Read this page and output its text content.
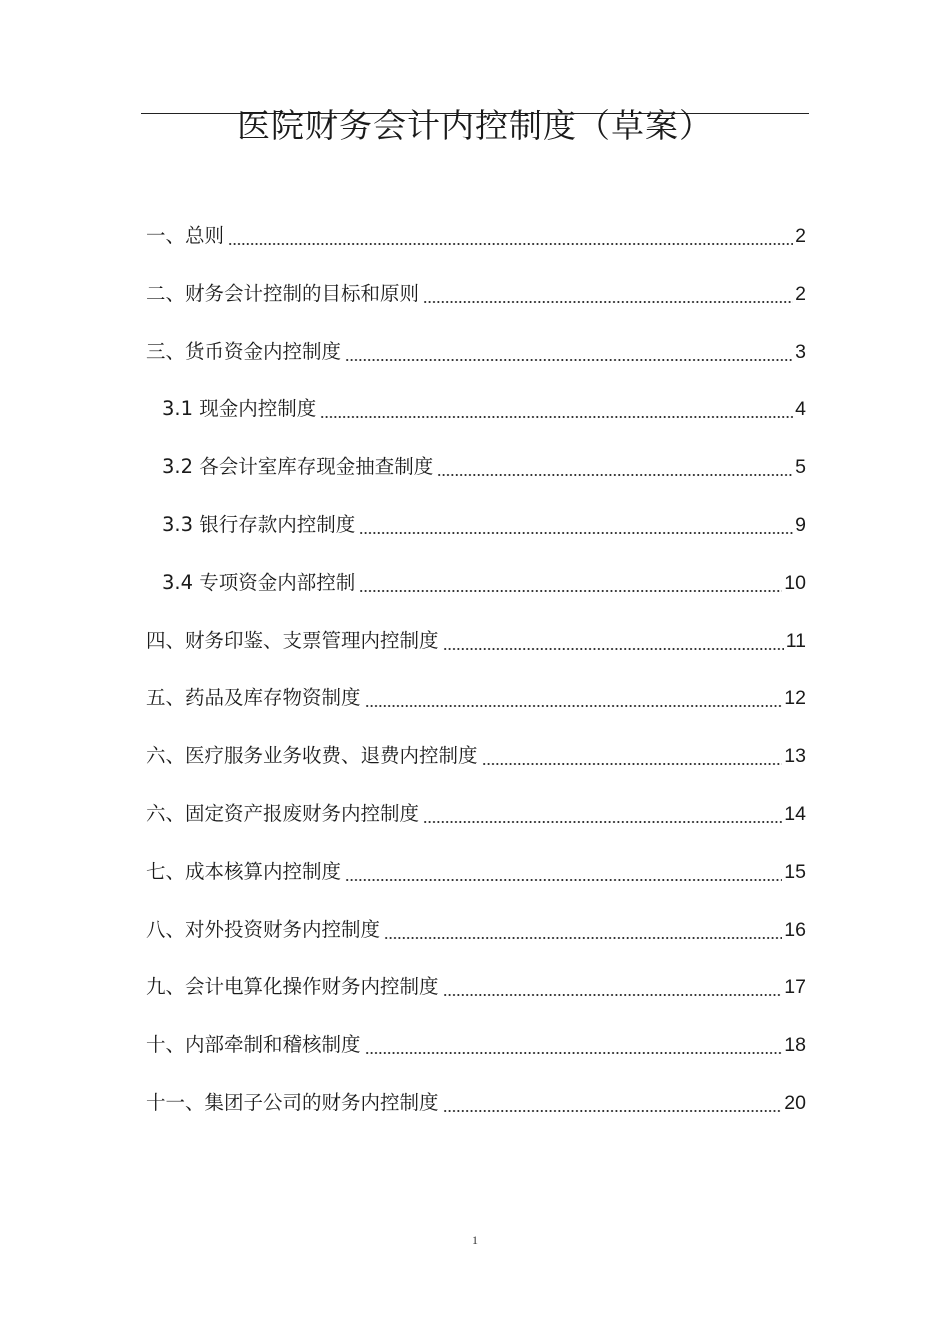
医院财务会计内控制度（草案）
一、总则	2
二、财务会计控制的目标和原则	2
三、货币资金内控制度	3
3.1 现金内控制度	4
3.2 各会计室库存现金抽查制度	5
3.3 银行存款内控制度	9
3.4 专项资金内部控制	10
四、财务印鉴、支票管理内控制度	11
五、药品及库存物资制度	12
六、医疗服务业务收费、退费内控制度	13
六、固定资产报废财务内控制度	14
七、成本核算内控制度	15
八、对外投资财务内控制度	16
九、会计电算化操作财务内控制度	17
十、内部牵制和稽核制度	18
十一、集团子公司的财务内控制度	20
1
